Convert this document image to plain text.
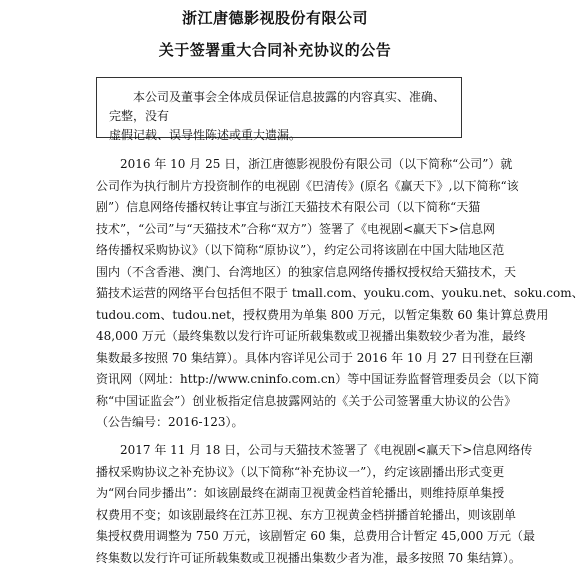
浙江唐德影视股份有限公司
关于签署重大合同补充协议的公告

本公司及董事会全体成员保证信息披露的内容真实、准确、完整，没有

虚假记载、误导性陈述或重大遗漏。

2016 年 10 月 25 日，浙江唐德影视股份有限公司（以下简称“公司”）就
公司作为执行制片方投资制作的电视剧《巴清传》(原名《赢天下》,以下简称“该
剧”）信息网络传播权转让事宜与浙江天猫技术有限公司（以下简称“天猫
技术”，“公司”与“天猫技术”合称“双方”）签署了《电视剧<赢天下>信息网
络传播权采购协议》（以下简称“原协议”），约定公司将该剧在中国大陆地区范
围内（不含香港、澳门、台湾地区）的独家信息网络传播权授权给天猫技术，天
猫技术运营的网络平台包括但不限于 tmall.com、youku.com、youku.net、soku.com、
tudou.com、tudou.net，授权费用为单集 800 万元，以暂定集数 60 集计算总费用
48,000 万元（最终集数以发行许可证所载集数或卫视播出集数较少者为准，最终
集数最多按照 70 集结算）。具体内容详见公司于 2016 年 10 月 27 日刊登在巨潮
资讯网（网址：http://www.cninfo.com.cn）等中国证券监督管理委员会（以下简
称“中国证监会”）创业板指定信息披露网站的《关于公司签署重大协议的公告》
（公告编号：2016-123）。
2017 年 11 月 18 日，公司与天猫技术签署了《电视剧<赢天下>信息网络传
播权采购协议之补充协议》（以下简称“补充协议一”），约定该剧播出形式变更
为“网台同步播出”：如该剧最终在湖南卫视黄金档首轮播出，则维持原单集授
权费用不变；如该剧最终在江苏卫视、东方卫视黄金档拼播首轮播出，则该剧单
集授权费用调整为 750 万元，该剧暂定 60 集，总费用合计暂定 45,000 万元（最
终集数以发行许可证所载集数或卫视播出集数少者为准，最多按照 70 集结算）。
